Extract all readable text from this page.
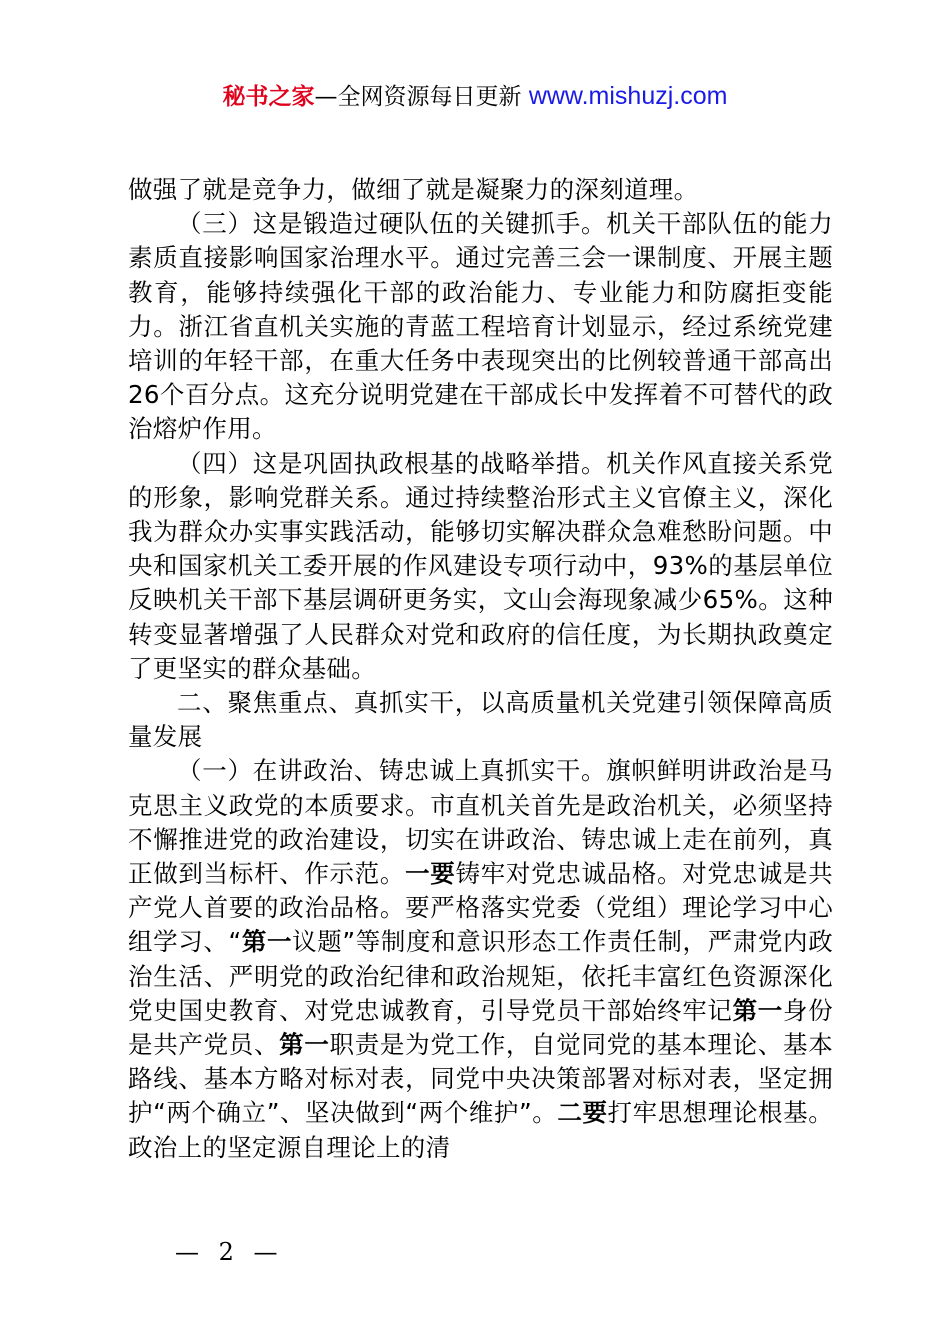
秘书之家—全网资源每日更新 www.mishuzj.com

做强了就是竞争力，做细了就是凝聚力的深刻道理。

（三）这是锻造过硬队伍的关键抓手。机关干部队伍的能力素质直接影响国家治理水平。通过完善三会一课制度、开展主题教育，能够持续强化干部的政治能力、专业能力和防腐拒变能力。浙江省直机关实施的青蓝工程培育计划显示，经过系统党建培训的年轻干部，在重大任务中表现突出的比例较普通干部高出26个百分点。这充分说明党建在干部成长中发挥着不可替代的政治熔炉作用。

（四）这是巩固执政根基的战略举措。机关作风直接关系党的形象，影响党群关系。通过持续整治形式主义官僚主义，深化我为群众办实事实践活动，能够切实解决群众急难愁盼问题。中央和国家机关工委开展的作风建设专项行动中，93%的基层单位反映机关干部下基层调研更务实，文山会海现象减少65%。这种转变显著增强了人民群众对党和政府的信任度，为长期执政奠定了更坚实的群众基础。

二、聚焦重点、真抓实干，以高质量机关党建引领保障高质量发展

（一）在讲政治、铸忠诚上真抓实干。旗帜鲜明讲政治是马克思主义政党的本质要求。市直机关首先是政治机关，必须坚持不懈推进党的政治建设，切实在讲政治、铸忠诚上走在前列，真正做到当标杆、作示范。一要铸牢对党忠诚品格。对党忠诚是共产党人首要的政治品格。要严格落实党委（党组）理论学习中心组学习、“第一议题”等制度和意识形态工作责任制，严肃党内政治生活、严明党的政治纪律和政治规矩，依托丰富红色资源深化党史国史教育、对党忠诚教育，引导党员干部始终牢记第一身份是共产党员、第一职责是为党工作，自觉同党的基本理论、基本路线、基本方略对标对表，同党中央决策部署对标对表，坚定拥护“两个确立”、坚决做到“两个维护”。二要打牢思想理论根基。政治上的坚定源自理论上的清

— 2 —
